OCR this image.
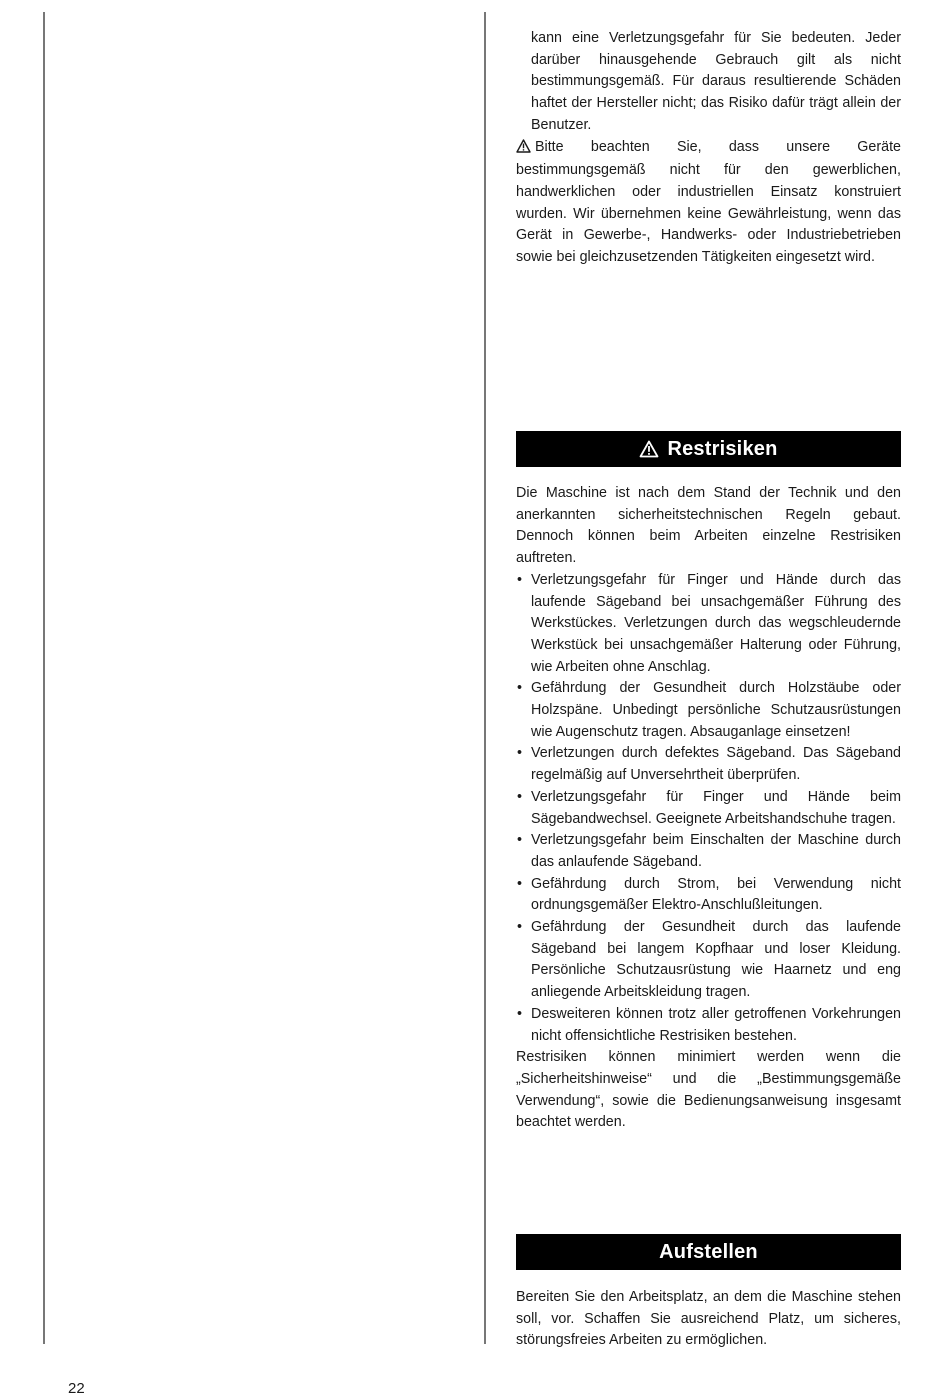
kann eine Verletzungsgefahr für Sie bedeuten. Jeder darüber hinausgehende Gebrauch gilt als nicht bestimmungsgemäß. Für daraus resultierende Schäden haftet der Hersteller nicht; das Risiko dafür trägt allein der Benutzer.

Bitte beachten Sie, dass unsere Geräte bestimmungsgemäß nicht für den gewerblichen, handwerklichen oder industriellen Einsatz konstruiert wurden. Wir übernehmen keine Gewährleistung, wenn das Gerät in Gewerbe-, Handwerks- oder Industriebetrieben sowie bei gleichzusetzenden Tätigkeiten eingesetzt wird.

Restrisiken

Die Maschine ist nach dem Stand der Technik und den anerkannten sicherheitstechnischen Regeln gebaut. Dennoch können beim Arbeiten einzelne Restrisiken auftreten.

• Verletzungsgefahr für Finger und Hände durch das laufende Sägeband bei unsachgemäßer Führung des Werkstückes. Verletzungen durch das wegschleudernde Werkstück bei unsachgemäßer Halterung oder Führung, wie Arbeiten ohne Anschlag.
• Gefährdung der Gesundheit durch Holzstäube oder Holzspäne. Unbedingt persönliche Schutzausrüstungen wie Augenschutz tragen. Absauganlage einsetzen!
• Verletzungen durch defektes Sägeband. Das Sägeband regelmäßig auf Unversehrtheit überprüfen.
• Verletzungsgefahr für Finger und Hände beim Sägebandwechsel. Geeignete Arbeitshandschuhe tragen.
• Verletzungsgefahr beim Einschalten der Maschine durch das anlaufende Sägeband.
• Gefährdung durch Strom, bei Verwendung nicht ordnungsgemäßer Elektro-Anschlußleitungen.
• Gefährdung der Gesundheit durch das laufende Sägeband bei langem Kopfhaar und loser Kleidung. Persönliche Schutzausrüstung wie Haarnetz und eng anliegende Arbeitskleidung tragen.
• Desweiteren können trotz aller getroffenen Vorkehrungen nicht offensichtliche Restrisiken bestehen.

Restrisiken können minimiert werden wenn die „Sicherheitshinweise“ und die „Bestimmungsgemäße Verwendung“, sowie die Bedienungsanweisung insgesamt beachtet werden.

Aufstellen

Bereiten Sie den Arbeitsplatz, an dem die Maschine stehen soll, vor. Schaffen Sie ausreichend Platz, um sicheres, störungsfreies Arbeiten zu ermöglichen.

22
